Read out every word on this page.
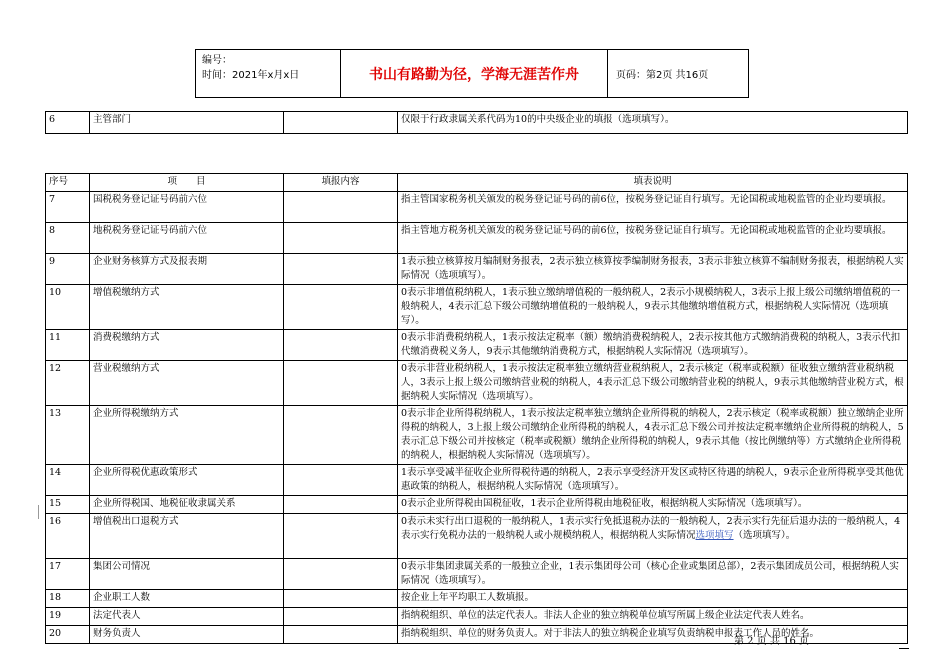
编号：
时间：2021年x月x日	书山有路勤为径，学海无涯苦作舟	页码：第2页 共16页
6	主管部门		仅限于行政隶属关系代码为10的中央级企业的填报（选项填写）。
序号	项　　目	填报内容	填表说明
7	国税税务登记证号码前六位		指主管国家税务机关颁发的税务登记证号码的前6位，按税务登记证自行填写。无论国税或地税监管的企业均要填报。
8	地税税务登记证号码前六位		指主管地方税务机关颁发的税务登记证号码的前6位，按税务登记证自行填写。无论国税或地税监管的企业均要填报。
9	企业财务核算方式及报表期		1表示独立核算按月编制财务报表，2表示独立核算按季编制财务报表，3表示非独立核算不编制财务报表，根据纳税人实际情况（选项填写）。
10	增值税缴纳方式		0表示非增值税纳税人，1表示独立缴纳增值税的一般纳税人，2表示小规模纳税人，3表示上报上级公司缴纳增值税的一般纳税人，4表示汇总下级公司缴纳增值税的一般纳税人，9表示其他缴纳增值税方式，根据纳税人实际情况（选项填写）。
11	消费税缴纳方式		0表示非消费税纳税人，1表示按法定税率（额）缴纳消费税纳税人，2表示按其他方式缴纳消费税的纳税人，3表示代扣代缴消费税义务人，9表示其他缴纳消费税方式，根据纳税人实际情况（选项填写）。
12	营业税缴纳方式		0表示非营业税纳税人，1表示按法定税率独立缴纳营业税纳税人，2表示核定（税率或税额）征收独立缴纳营业税纳税人，3表示上报上级公司缴纳营业税的纳税人，4表示汇总下级公司缴纳营业税的纳税人，9表示其他缴纳营业税方式，根据纳税人实际情况（选项填写）。
13	企业所得税缴纳方式		0表示非企业所得税纳税人，1表示按法定税率独立缴纳企业所得税的纳税人，2表示核定（税率或税额）独立缴纳企业所得税的纳税人，3上报上级公司缴纳企业所得税的纳税人，4表示汇总下级公司并按法定税率缴纳企业所得税的纳税人，5表示汇总下级公司并按核定（税率或税额）缴纳企业所得税的纳税人，9表示其他（按比例缴纳等）方式缴纳企业所得税的纳税人，根据纳税人实际情况（选项填写）。
14	企业所得税优惠政策形式		1表示享受减半征收企业所得税待遇的纳税人，2表示享受经济开发区或特区待遇的纳税人，9表示企业所得税享受其他优惠政策的纳税人，根据纳税人实际情况（选项填写）。
15	企业所得税国、地税征收隶属关系		0表示企业所得税由国税征收，1表示企业所得税由地税征收，根据纳税人实际情况（选项填写）。
16	增值税出口退税方式		0表示未实行出口退税的一般纳税人，1表示实行免抵退税办法的一般纳税人，2表示实行先征后退办法的一般纳税人，4表示实行免税办法的一般纳税人或小规模纳税人，根据纳税人实际情况选项填写（选项填写）。
17	集团公司情况		0表示非集团隶属关系的一般独立企业，1表示集团母公司（核心企业或集团总部），2表示集团成员公司，根据纳税人实际情况（选项填写）。
18	企业职工人数		按企业上年平均职工人数填报。
19	法定代表人		指纳税组织、单位的法定代表人。非法人企业的独立纳税单位填写所属上级企业法定代表人姓名。
20	财务负责人		指纳税组织、单位的财务负责人。对于非法人的独立纳税企业填写负责纳税申报表工作人员的姓名。
第 2 页 共 16 页
